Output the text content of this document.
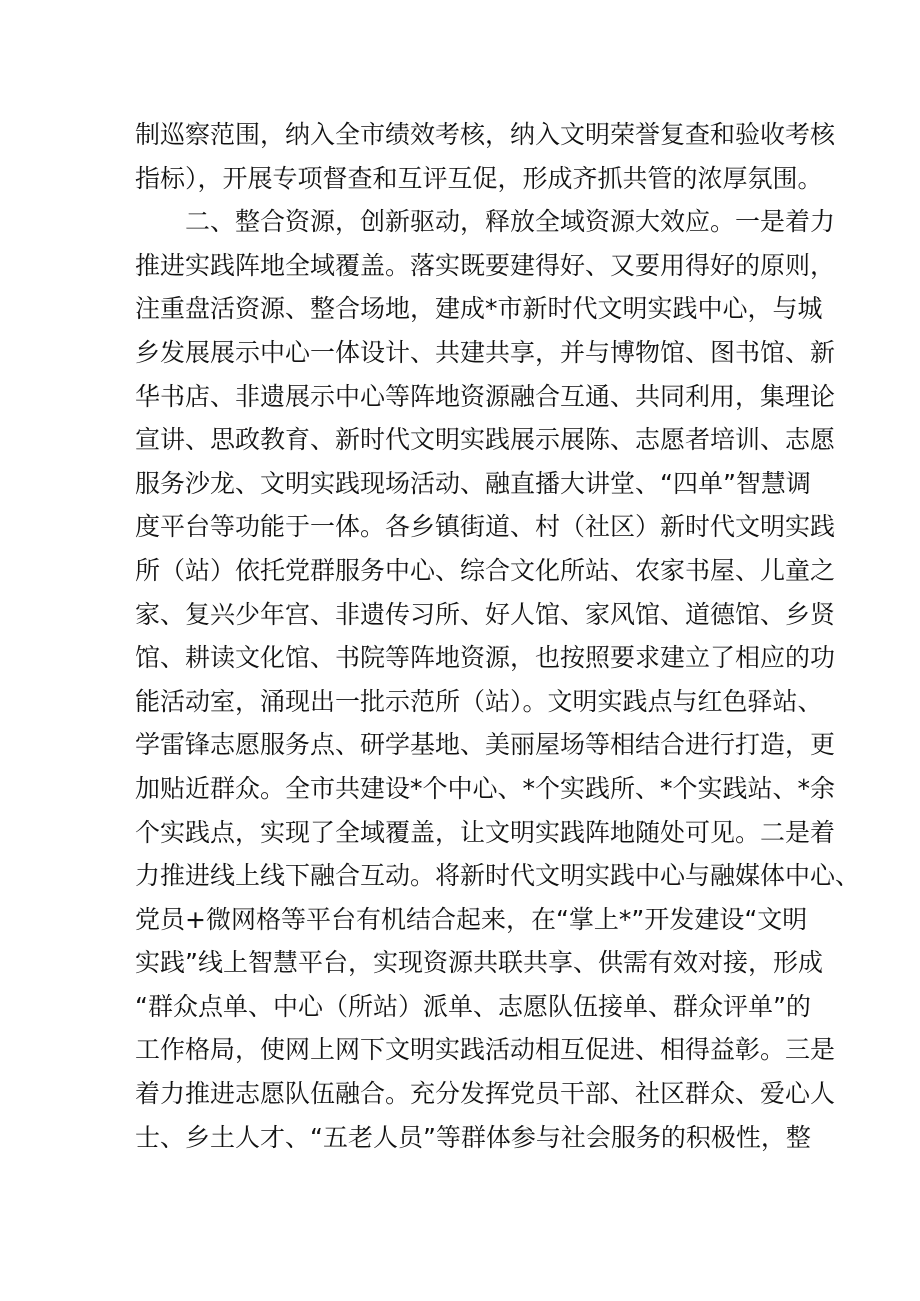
制巡察范围，纳入全市绩效考核，纳入文明荣誉复查和验收考核
指标），开展专项督查和互评互促，形成齐抓共管的浓厚氛围。
　　二、整合资源，创新驱动，释放全域资源大效应。一是着力
推进实践阵地全域覆盖。落实既要建得好、又要用得好的原则，
注重盘活资源、整合场地，建成*市新时代文明实践中心，与城
乡发展展示中心一体设计、共建共享，并与博物馆、图书馆、新
华书店、非遗展示中心等阵地资源融合互通、共同利用，集理论
宣讲、思政教育、新时代文明实践展示展陈、志愿者培训、志愿
服务沙龙、文明实践现场活动、融直播大讲堂、“四单”智慧调
度平台等功能于一体。各乡镇街道、村（社区）新时代文明实践
所（站）依托党群服务中心、综合文化所站、农家书屋、儿童之
家、复兴少年宫、非遗传习所、好人馆、家风馆、道德馆、乡贤
馆、耕读文化馆、书院等阵地资源，也按照要求建立了相应的功
能活动室，涌现出一批示范所（站）。文明实践点与红色驿站、
学雷锋志愿服务点、研学基地、美丽屋场等相结合进行打造，更
加贴近群众。全市共建设*个中心、*个实践所、*个实践站、*余
个实践点，实现了全域覆盖，让文明实践阵地随处可见。二是着
力推进线上线下融合互动。将新时代文明实践中心与融媒体中心、
党员+微网格等平台有机结合起来，在“掌上*”开发建设“文明
实践”线上智慧平台，实现资源共联共享、供需有效对接，形成
“群众点单、中心（所站）派单、志愿队伍接单、群众评单”的
工作格局，使网上网下文明实践活动相互促进、相得益彰。三是
着力推进志愿队伍融合。充分发挥党员干部、社区群众、爱心人
士、乡土人才、“五老人员”等群体参与社会服务的积极性，整
